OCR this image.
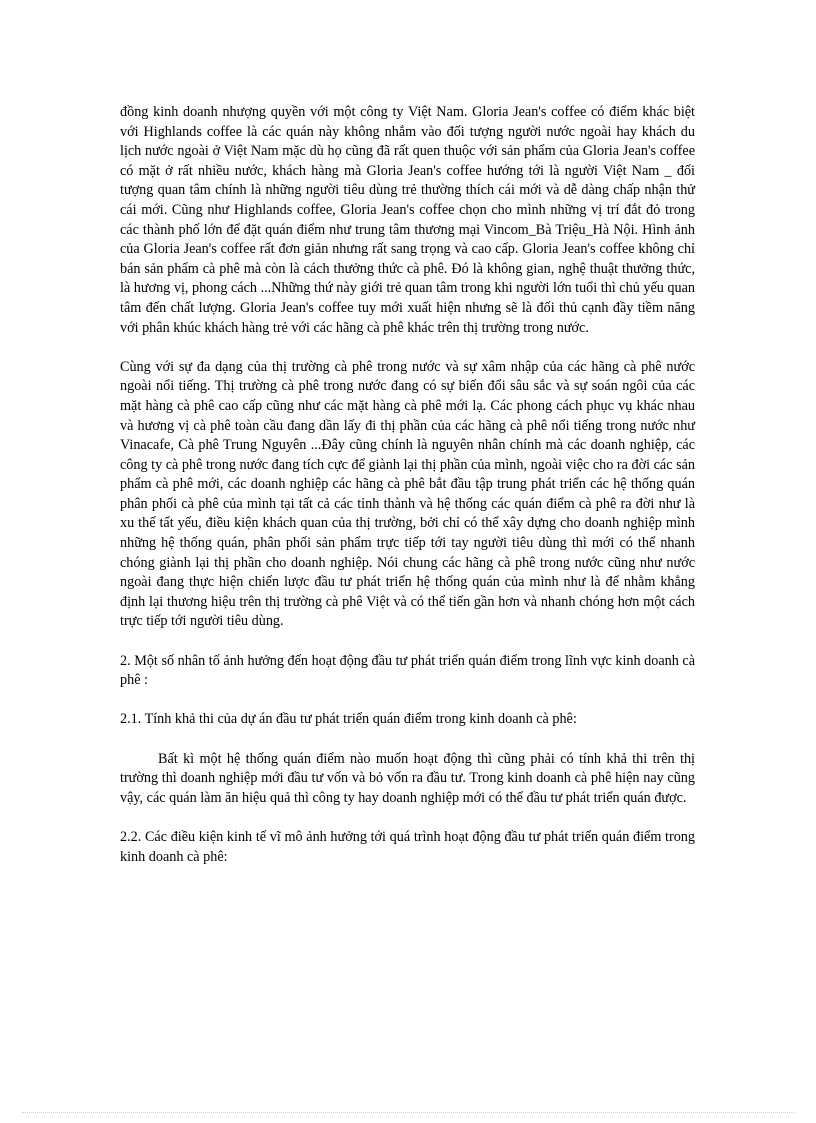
đồng kinh doanh nhượng quyền với một công ty Việt Nam. Gloria Jean's coffee có điểm khác biệt với Highlands coffee là các quán này không nhắm vào đối tượng người nước ngoài hay khách du lịch nước ngoài ở Việt Nam mặc dù họ cũng đã rất quen thuộc với sản phẩm của Gloria Jean's coffee có mặt ở rất nhiều nước, khách hàng mà Gloria Jean's coffee hướng tới là người Việt Nam _ đối tượng quan tâm chính là những người tiêu dùng trẻ thường thích cái mới và dễ dàng chấp nhận thử cái mới. Cũng như Highlands coffee, Gloria Jean's coffee chọn cho mình những vị trí đắt đỏ trong các thành phố lớn để đặt quán điểm như trung tâm thương mại Vincom_Bà Triệu_Hà Nội. Hình ảnh của Gloria Jean's coffee rất đơn giản nhưng rất sang trọng và cao cấp. Gloria Jean's coffee không chỉ bán sản phẩm cà phê mà còn là cách thưởng thức cà phê. Đó là không gian, nghệ thuật thưởng thức, là hương vị, phong cách ...Những thứ này giới trẻ quan tâm trong khi người lớn tuổi thì chủ yếu quan tâm đến chất lượng. Gloria Jean's coffee tuy mới xuất hiện nhưng sẽ là đối thủ cạnh đầy tiềm năng với phân khúc khách hàng trẻ với các hãng cà phê khác trên thị trường trong nước.

Cùng với sự đa dạng của thị trường cà phê trong nước và sự xâm nhập của các hãng cà phê nước ngoài nổi tiếng. Thị trường cà phê trong nước đang có sự biến đổi sâu sắc và sự soán ngôi của các mặt hàng cà phê cao cấp cũng như các mặt hàng cà phê mới lạ. Các phong cách phục vụ khác nhau và hương vị cà phê toàn cầu đang dần lấy đi thị phần của các hãng cà phê nổi tiếng trong nước như Vinacafe, Cà phê Trung Nguyên ...Đây cũng chính là nguyên nhân chính mà các doanh nghiệp, các công ty cà phê trong nước đang tích cực để giành lại thị phần của mình, ngoài việc cho ra đời các sản phẩm cà phê mới, các doanh nghiệp các hãng cà phê bắt đầu tập trung phát triển các hệ thống quán phân phối cà phê của mình tại tất cả các tỉnh thành và hệ thống các quán điểm cà phê ra đời như là xu thế tất yếu, điều kiện khách quan của thị trường, bởi chỉ có thể xây dựng cho doanh nghiệp mình những hệ thống quán, phân phối sản phẩm trực tiếp tới tay người tiêu dùng thì mới có thể nhanh chóng giành lại thị phần cho doanh nghiệp. Nói chung các hãng cà phê trong nước cũng như nước ngoài đang thực hiện chiến lược đầu tư phát triển hệ thống quán của mình như là để nhằm khẳng định lại thương hiệu trên thị trường cà phê Việt và có thể tiến gần hơn và nhanh chóng hơn một cách trực tiếp tới người tiêu dùng.

2. Một số nhân tố ảnh hưởng đến hoạt động đầu tư phát triển quán điểm trong lĩnh vực kinh doanh cà phê :

2.1. Tính khả thi của dự án đầu tư phát triển quán điểm trong kinh doanh cà phê:

Bất kì một hệ thống quán điểm nào muốn hoạt động thì cũng phải có tính khả thi trên thị trường thì doanh nghiệp mới đầu tư vốn và bỏ vốn ra đầu tư. Trong kinh doanh cà phê hiện nay cũng vậy, các quán làm ăn hiệu quả thì công ty hay doanh nghiệp mới có thể đầu tư phát triển quán được.

2.2. Các điều kiện kinh tế vĩ mô ảnh hưởng tới quá trình hoạt động đầu tư phát triển quán điểm trong kinh doanh cà phê:
